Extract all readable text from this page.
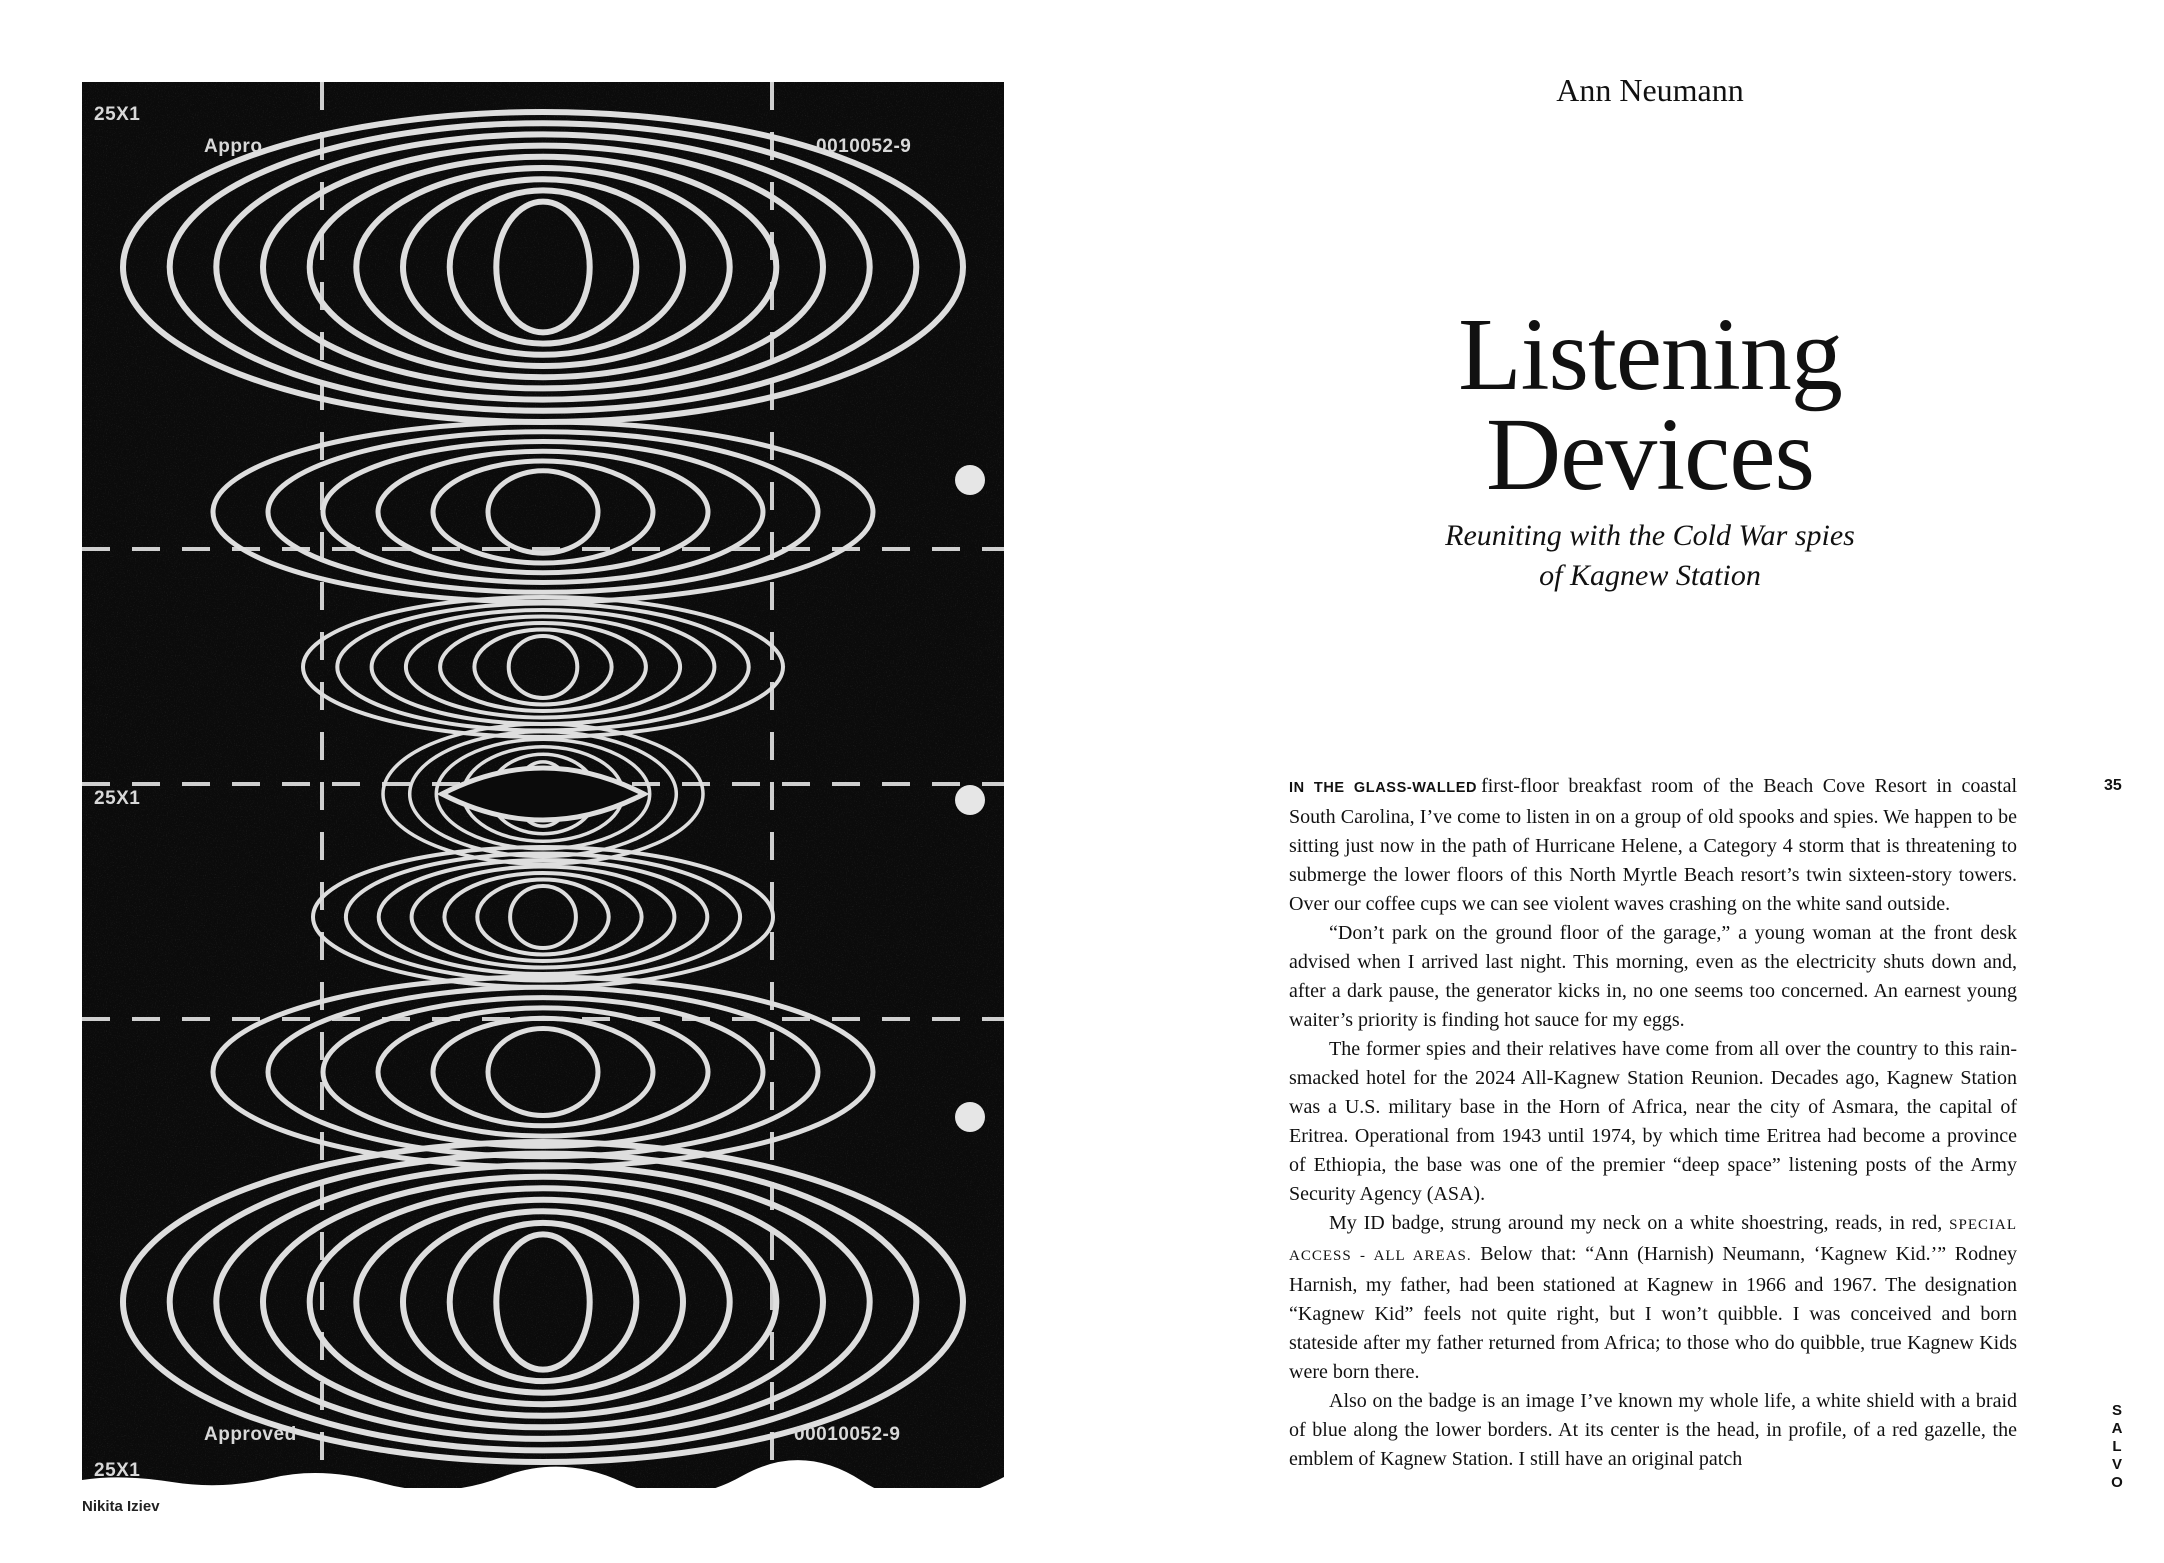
25X1
Appro	0010052-9
25X1
Approved	00010052-9
25X1
Nikita Iziev
Ann Neumann
Listening
Devices
Reuniting with the Cold War spies
of Kagnew Station

IN THE GLASS-WALLED first-floor breakfast room of the Beach Cove Resort in coastal South Carolina, I’ve come to listen in on a group of old spooks and spies. We happen to be sitting just now in the path of Hurricane Helene, a Category 4 storm that is threatening to submerge the lower floors of this North Myrtle Beach resort’s twin sixteen-story towers. Over our coffee cups we can see violent waves crashing on the white sand outside.

“Don’t park on the ground floor of the garage,” a young woman at the front desk advised when I arrived last night. This morning, even as the electricity shuts down and, after a dark pause, the generator kicks in, no one seems too concerned. An earnest young waiter’s priority is finding hot sauce for my eggs.

The former spies and their relatives have come from all over the country to this rain-smacked hotel for the 2024 All-Kagnew Station Reunion. Decades ago, Kagnew Station was a U.S. military base in the Horn of Africa, near the city of Asmara, the capital of Eritrea. Operational from 1943 until 1974, by which time Eritrea had become a province of Ethiopia, the base was one of the premier “deep space” listening posts of the Army Security Agency (ASA).

My ID badge, strung around my neck on a white shoestring, reads, in red, SPECIAL ACCESS - ALL AREAS. Below that: “Ann (Harnish) Neumann, ‘Kagnew Kid.’” Rodney Harnish, my father, had been stationed at Kagnew in 1966 and 1967. The designation “Kagnew Kid” feels not quite right, but I won’t quibble. I was conceived and born stateside after my father returned from Africa; to those who do quibble, true Kagnew Kids were born there.

Also on the badge is an image I’ve known my whole life, a white shield with a braid of blue along the lower borders. At its center is the head, in profile, of a red gazelle, the emblem of Kagnew Station. I still have an original patch

35
S
A
L
V
O
